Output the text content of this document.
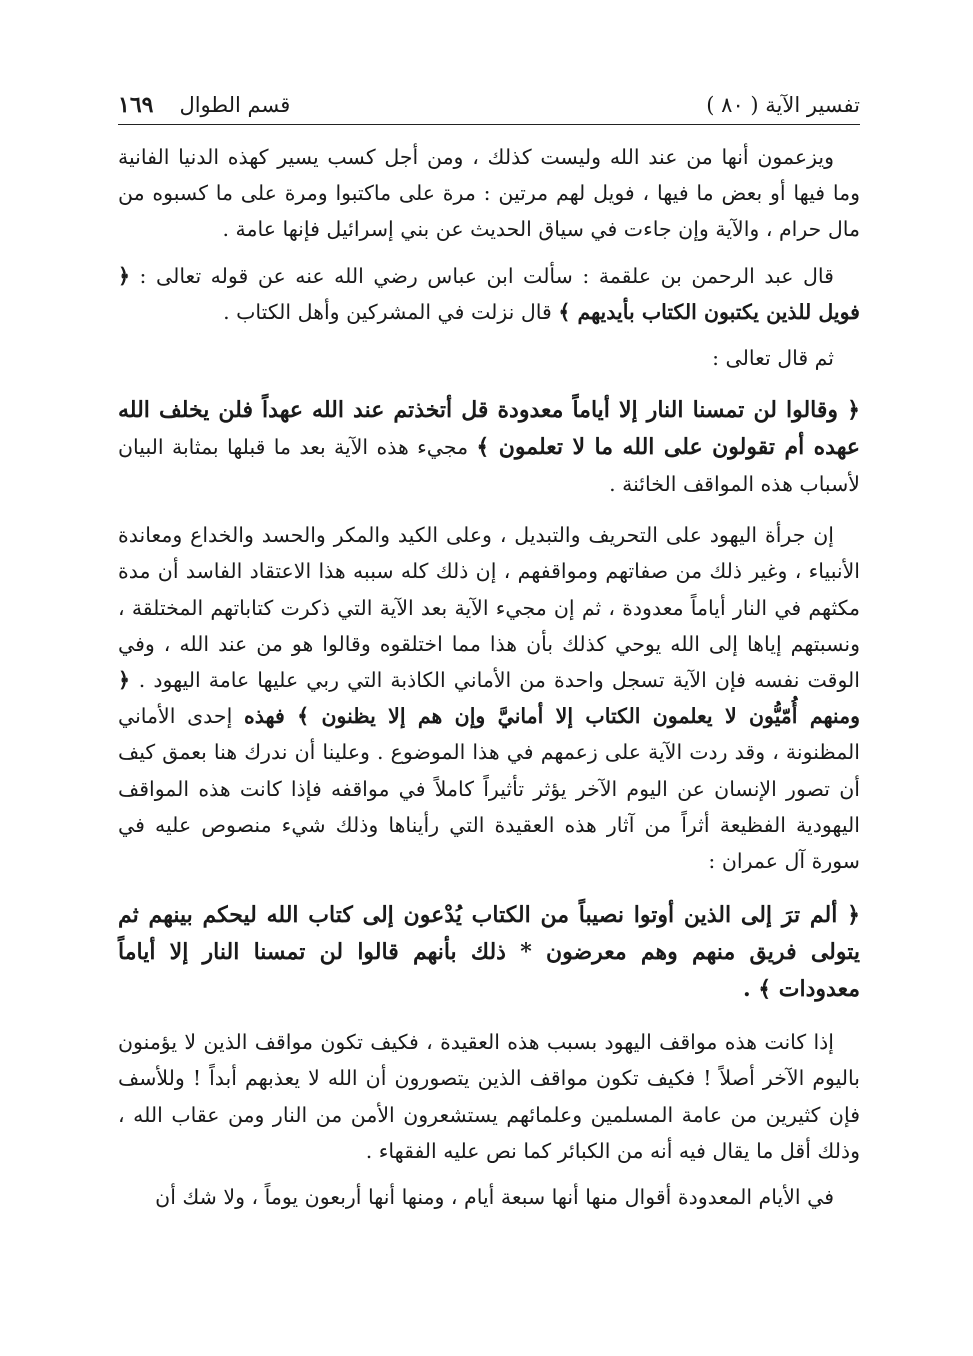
تفسير الآية ( ٨٠ )
قسم الطوال
١٦٩

ويزعمون أنها من عند الله وليست كذلك ، ومن أجل كسب يسير كهذه الدنيا الفانية وما فيها أو بعض ما فيها ، فويل لهم مرتين : مرة على ماكتبوا ومرة على ما كسبوه من مال حرام ، والآية وإن جاءت في سياق الحديث عن بني إسرائيل فإنها عامة .

قال عبد الرحمن بن علقمة : سألت ابن عباس رضي الله عنه عن قوله تعالى : ﴿ فويل للذين يكتبون الكتاب بأيديهم ﴾ قال نزلت في المشركين وأهل الكتاب .

ثم قال تعالى :

﴿ وقالوا لن تمسنا النار إلا أياماً معدودة قل أتخذتم عند الله عهداً فلن يخلف الله عهده أم تقولون على الله ما لا تعلمون ﴾ مجيء هذه الآية بعد ما قبلها بمثابة البيان لأسباب هذه المواقف الخائنة .

إن جرأة اليهود على التحريف والتبديل ، وعلى الكيد والمكر والحسد والخداع ومعاندة الأنبياء ، وغير ذلك من صفاتهم ومواقفهم ، إن ذلك كله سببه هذا الاعتقاد الفاسد أن مدة مكثهم في النار أياماً معدودة ، ثم إن مجيء الآية بعد الآية التي ذكرت كتاباتهم المختلقة ، ونسبتهم إياها إلى الله يوحي كذلك بأن هذا مما اختلقوه وقالوا هو من عند الله ، وفي الوقت نفسه فإن الآية تسجل واحدة من الأماني الكاذبة التي ربي عليها عامة اليهود . ﴿ ومنهم أُمّيُّون لا يعلمون الكتاب إلا أمانيَّ وإن هم إلا يظنون ﴾ فهذه إحدى الأماني المظنونة ، وقد ردت الآية على زعمهم في هذا الموضوع . وعلينا أن ندرك هنا بعمق كيف أن تصور الإنسان عن اليوم الآخر يؤثر تأثيراً كاملاً في مواقفه فإذا كانت هذه المواقف اليهودية الفظيعة أثراً من آثار هذه العقيدة التي رأيناها وذلك شيء منصوص عليه في سورة آل عمران :

﴿ ألم ترَ إلى الذين أوتوا نصيباً من الكتاب يُدْعون إلى كتاب الله ليحكم بينهم ثم يتولى فريق منهم وهم معرضون * ذلك بأنهم قالوا لن تمسنا النار إلا أياماً معدودات ﴾ .

إذا كانت هذه مواقف اليهود بسبب هذه العقيدة ، فكيف تكون مواقف الذين لا يؤمنون باليوم الآخر أصلاً ! فكيف تكون مواقف الذين يتصورون أن الله لا يعذبهم أبداً ! وللأسف فإن كثيرين من عامة المسلمين وعلمائهم يستشعرون الأمن من النار ومن عقاب الله ، وذلك أقل ما يقال فيه أنه من الكبائر كما نص عليه الفقهاء .

في الأيام المعدودة أقوال منها أنها سبعة أيام ، ومنها أنها أربعون يوماً ، ولا شك أن
